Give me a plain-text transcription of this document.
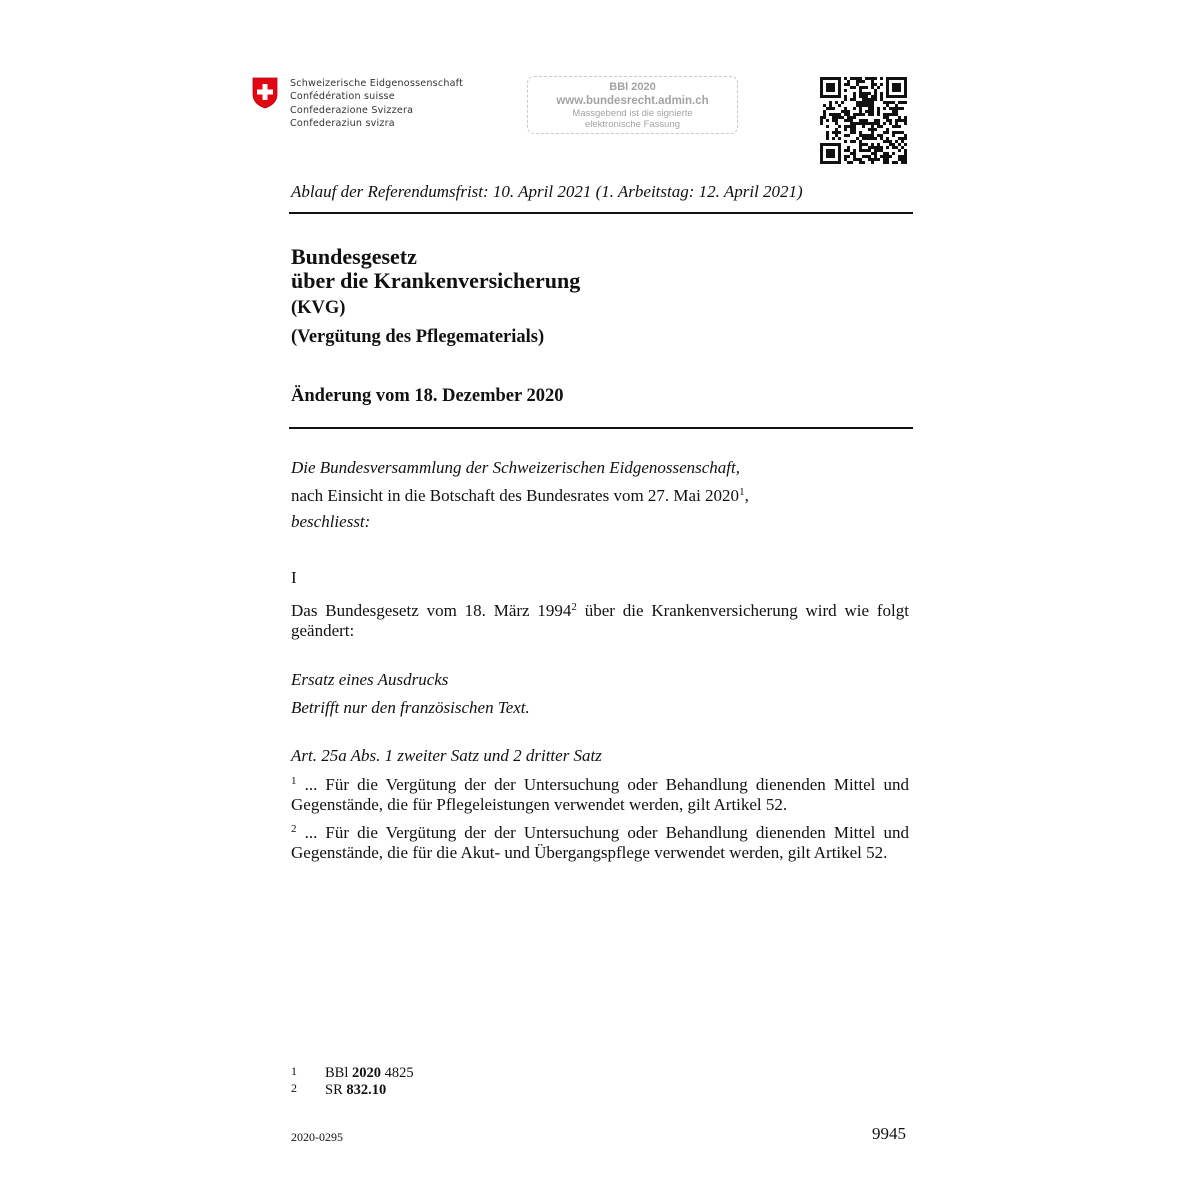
Schweizerische Eidgenossenschaft
Confédération suisse
Confederazione Svizzera
Confederaziun svizra
BBl 2020
www.bundesrecht.admin.ch
Massgebend ist die signierte
elektronische Fassung
Ablauf der Referendumsfrist: 10. April 2021 (1. Arbeitstag: 12. April 2021)
Bundesgesetz
über die Krankenversicherung
(KVG)
(Vergütung des Pflegematerials)
Änderung vom 18. Dezember 2020
Die Bundesversammlung der Schweizerischen Eidgenossenschaft,
nach Einsicht in die Botschaft des Bundesrates vom 27. Mai 2020$^1$,
beschliesst:
I
Das Bundesgesetz vom 18. März 1994$^2$ über die Krankenversicherung wird wie folgt geändert:
Ersatz eines Ausdrucks
Betrifft nur den französischen Text.
Art. 25a Abs. 1 zweiter Satz und 2 dritter Satz
$^1$ ... Für die Vergütung der der Untersuchung oder Behandlung dienenden Mittel und Gegenstände, die für Pflegeleistungen verwendet werden, gilt Artikel 52.
$^2$ ... Für die Vergütung der der Untersuchung oder Behandlung dienenden Mittel und Gegenstände, die für die Akut- und Übergangspflege verwendet werden, gilt Artikel 52.
1 BBl 2020 4825
2 SR 832.10
2020-0295	9945
